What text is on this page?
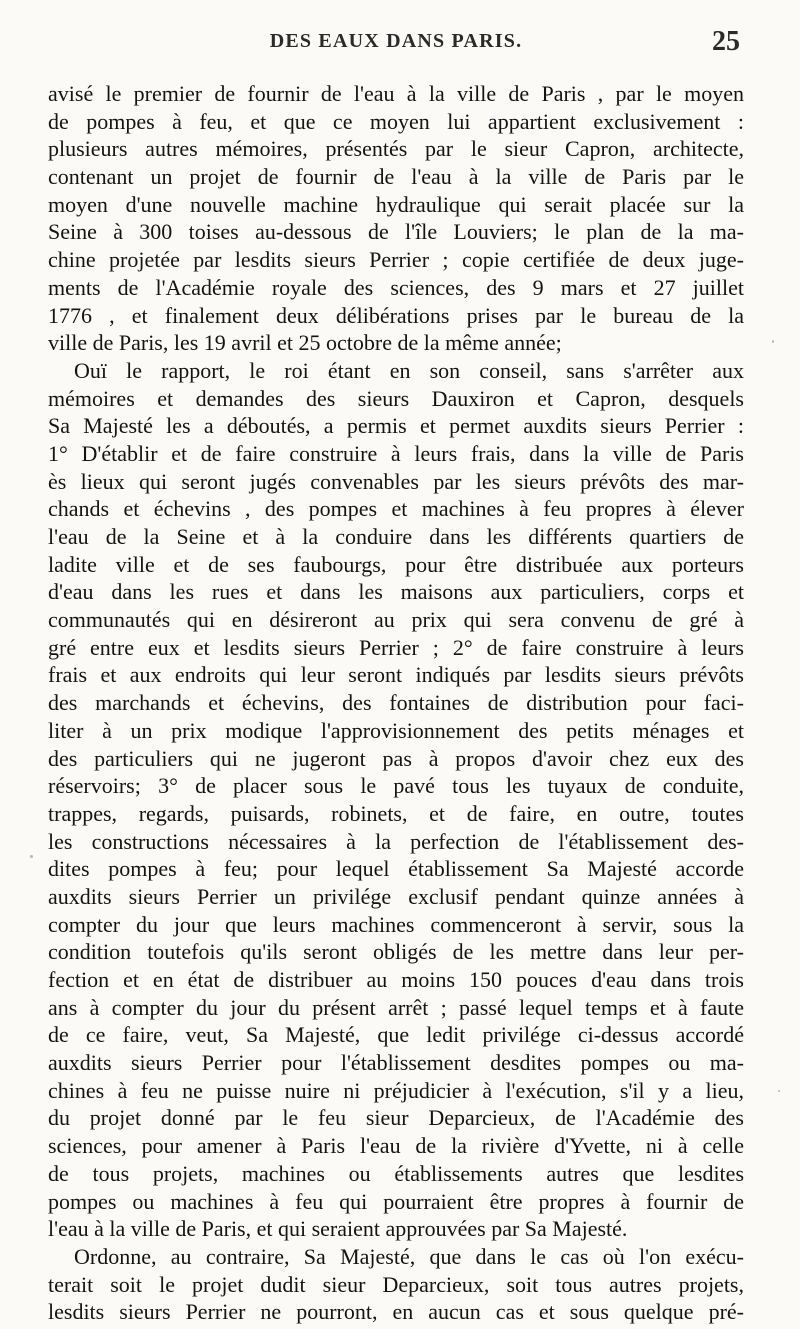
DES EAUX DANS PARIS.	25
avisé le premier de fournir de l'eau à la ville de Paris , par le moyen
de pompes à feu, et que ce moyen lui appartient exclusivement :
plusieurs autres mémoires, présentés par le sieur Capron, architecte,
contenant un projet de fournir de l'eau à la ville de Paris par le
moyen d'une nouvelle machine hydraulique qui serait placée sur la
Seine à 300 toises au-dessous de l'île Louviers; le plan de la ma-
chine projetée par lesdits sieurs Perrier ; copie certifiée de deux juge-
ments de l'Académie royale des sciences, des 9 mars et 27 juillet
1776 , et finalement deux délibérations prises par le bureau de la
ville de Paris, les 19 avril et 25 octobre de la même année;
Ouï le rapport, le roi étant en son conseil, sans s'arrêter aux
mémoires et demandes des sieurs Dauxiron et Capron, desquels
Sa Majesté les a déboutés, a permis et permet auxdits sieurs Perrier :
1° D'établir et de faire construire à leurs frais, dans la ville de Paris
ès lieux qui seront jugés convenables par les sieurs prévôts des mar-
chands et échevins , des pompes et machines à feu propres à élever
l'eau de la Seine et à la conduire dans les différents quartiers de
ladite ville et de ses faubourgs, pour être distribuée aux porteurs
d'eau dans les rues et dans les maisons aux particuliers, corps et
communautés qui en désireront au prix qui sera convenu de gré à
gré entre eux et lesdits sieurs Perrier ; 2° de faire construire à leurs
frais et aux endroits qui leur seront indiqués par lesdits sieurs prévôts
des marchands et échevins, des fontaines de distribution pour faci-
liter à un prix modique l'approvisionnement des petits ménages et
des particuliers qui ne jugeront pas à propos d'avoir chez eux des
réservoirs; 3° de placer sous le pavé tous les tuyaux de conduite,
trappes, regards, puisards, robinets, et de faire, en outre, toutes
les constructions nécessaires à la perfection de l'établissement des-
dites pompes à feu; pour lequel établissement Sa Majesté accorde
auxdits sieurs Perrier un privilége exclusif pendant quinze années à
compter du jour que leurs machines commenceront à servir, sous la
condition toutefois qu'ils seront obligés de les mettre dans leur per-
fection et en état de distribuer au moins 150 pouces d'eau dans trois
ans à compter du jour du présent arrêt ; passé lequel temps et à faute
de ce faire, veut, Sa Majesté, que ledit privilége ci-dessus accordé
auxdits sieurs Perrier pour l'établissement desdites pompes ou ma-
chines à feu ne puisse nuire ni préjudicier à l'exécution, s'il y a lieu,
du projet donné par le feu sieur Deparcieux, de l'Académie des
sciences, pour amener à Paris l'eau de la rivière d'Yvette, ni à celle
de tous projets, machines ou établissements autres que lesdites
pompes ou machines à feu qui pourraient être propres à fournir de
l'eau à la ville de Paris, et qui seraient approuvées par Sa Majesté.
Ordonne, au contraire, Sa Majesté, que dans le cas où l'on exécu-
terait soit le projet dudit sieur Deparcieux, soit tous autres projets,
lesdits sieurs Perrier ne pourront, en aucun cas et sous quelque pré-
